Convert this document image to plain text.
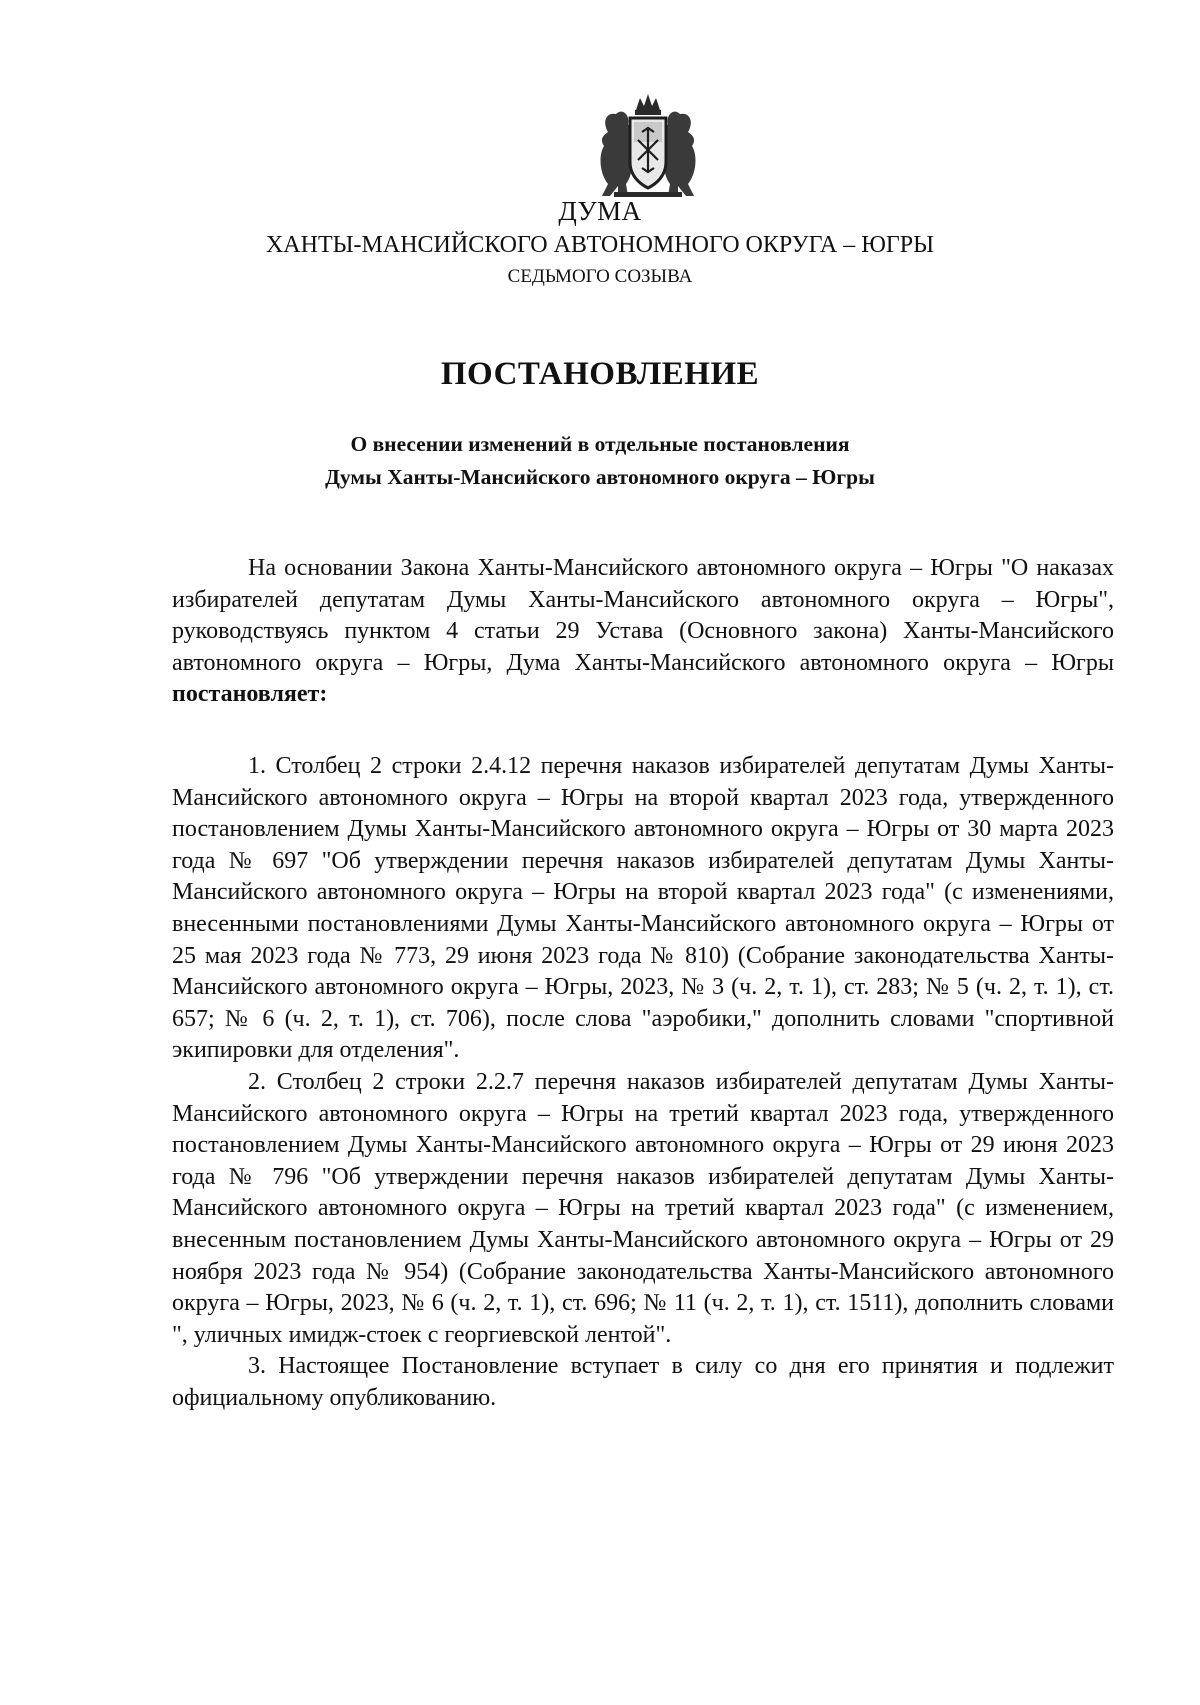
ДУМА
ХАНТЫ-МАНСИЙСКОГО АВТОНОМНОГО ОКРУГА – ЮГРЫ
СЕДЬМОГО СОЗЫВА
ПОСТАНОВЛЕНИЕ
О внесении изменений в отдельные постановления
Думы Ханты-Мансийского автономного округа – Югры

На основании Закона Ханты-Мансийского автономного округа – Югры "О наказах избирателей депутатам Думы Ханты-Мансийского автономного округа – Югры", руководствуясь пунктом 4 статьи 29 Устава (Основного закона) Ханты-Мансийского автономного округа – Югры, Дума Ханты-Мансийского автономного округа – Югры постановляет:

1. Столбец 2 строки 2.4.12 перечня наказов избирателей депутатам Думы Ханты-Мансийского автономного округа – Югры на второй квартал 2023 года, утвержденного постановлением Думы Ханты-Мансийского автономного округа – Югры от 30 марта 2023 года № 697 "Об утверждении перечня наказов избирателей депутатам Думы Ханты-Мансийского автономного округа – Югры на второй квартал 2023 года" (с изменениями, внесенными постановлениями Думы Ханты-Мансийского автономного округа – Югры от 25 мая 2023 года № 773, 29 июня 2023 года № 810) (Собрание законодательства Ханты-Мансийского автономного округа – Югры, 2023, № 3 (ч. 2, т. 1), ст. 283; № 5 (ч. 2, т. 1), ст. 657; № 6 (ч. 2, т. 1), ст. 706), после слова "аэробики," дополнить словами "спортивной экипировки для отделения".

2. Столбец 2 строки 2.2.7 перечня наказов избирателей депутатам Думы Ханты-Мансийского автономного округа – Югры на третий квартал 2023 года, утвержденного постановлением Думы Ханты-Мансийского автономного округа – Югры от 29 июня 2023 года № 796 "Об утверждении перечня наказов избирателей депутатам Думы Ханты-Мансийского автономного округа – Югры на третий квартал 2023 года" (с изменением, внесенным постановлением Думы Ханты-Мансийского автономного округа – Югры от 29 ноября 2023 года № 954) (Собрание законодательства Ханты-Мансийского автономного округа – Югры, 2023, № 6 (ч. 2, т. 1), ст. 696; № 11 (ч. 2, т. 1), ст. 1511), дополнить словами ", уличных имидж-стоек с георгиевской лентой".

3. Настоящее Постановление вступает в силу со дня его принятия и подлежит официальному опубликованию.
